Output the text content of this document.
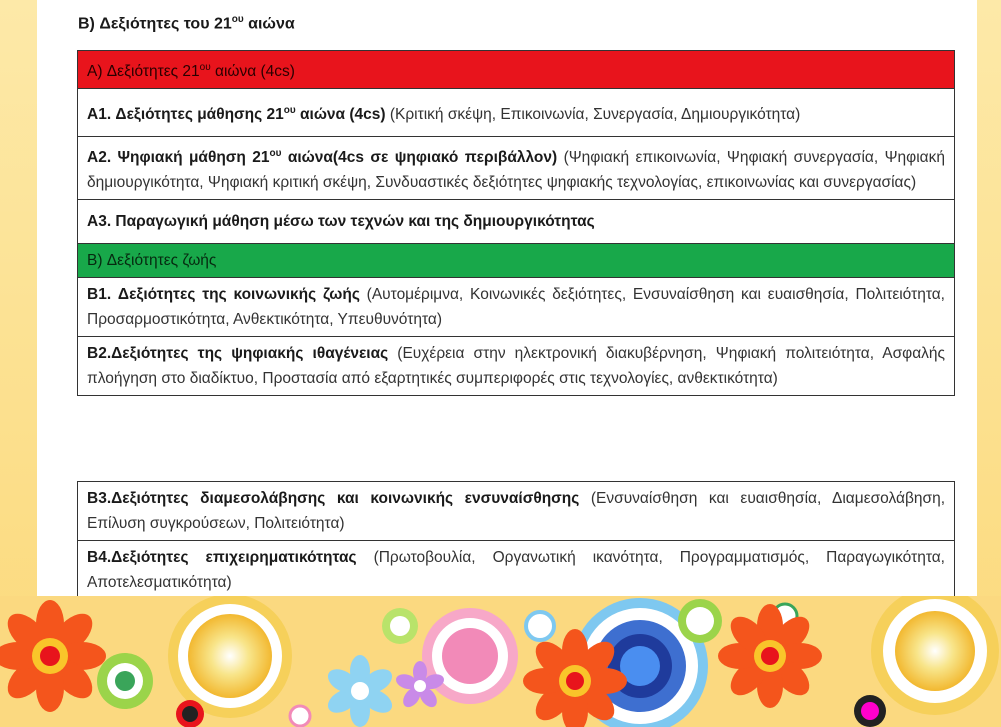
B) Δεξιότητες του $21^{o\upsilon}$ αιώνα
A) Δεξιότητες $21^{o\upsilon}$ αιώνα (4cs)
A1. Δεξιότητες μάθησης $21^{o\upsilon}$ αιώνα (4cs) (Κριτική σκέψη, Επικοινωνία, Συνεργασία, Δημιουργικότητα)
A2. Ψηφιακή μάθηση $21^{o\upsilon}$ αιώνα(4cs σε ψηφιακό περιβάλλον) (Ψηφιακή επικοινωνία, Ψηφιακή συνεργασία, Ψηφιακή δημιουργικότητα, Ψηφιακή κριτική σκέψη, Συνδυαστικές δεξιότητες ψηφιακής τεχνολογίας, επικοινωνίας και συνεργασίας)
A3. Παραγωγική μάθηση μέσω των τεχνών και της δημιουργικότητας
B) Δεξιότητες ζωής
B1. Δεξιότητες της κοινωνικής ζωής (Αυτομέριμνα, Κοινωνικές δεξιότητες, Ενσυναίσθηση και ευαισθησία, Πολιτειότητα, Προσαρμοστικότητα, Ανθεκτικότητα, Υπευθυνότητα)
B2.Δεξιότητες της ψηφιακής ιθαγένειας (Ευχέρεια στην ηλεκτρονική διακυβέρνηση, Ψηφιακή πολιτειότητα, Ασφαλής πλοήγηση στο διαδίκτυο, Προστασία από εξαρτητικές συμπεριφορές στις τεχνολογίες, ανθεκτικότητα)
B3.Δεξιότητες διαμεσολάβησης και κοινωνικής ενσυναίσθησης (Ενσυναίσθηση και ευαισθησία, Διαμεσολάβηση, Επίλυση συγκρούσεων, Πολιτειότητα)
B4.Δεξιότητες επιχειρηματικότητας (Πρωτοβουλία, Οργανωτική ικανότητα, Προγραμματισμός, Παραγωγικότητα, Αποτελεσματικότητα)
